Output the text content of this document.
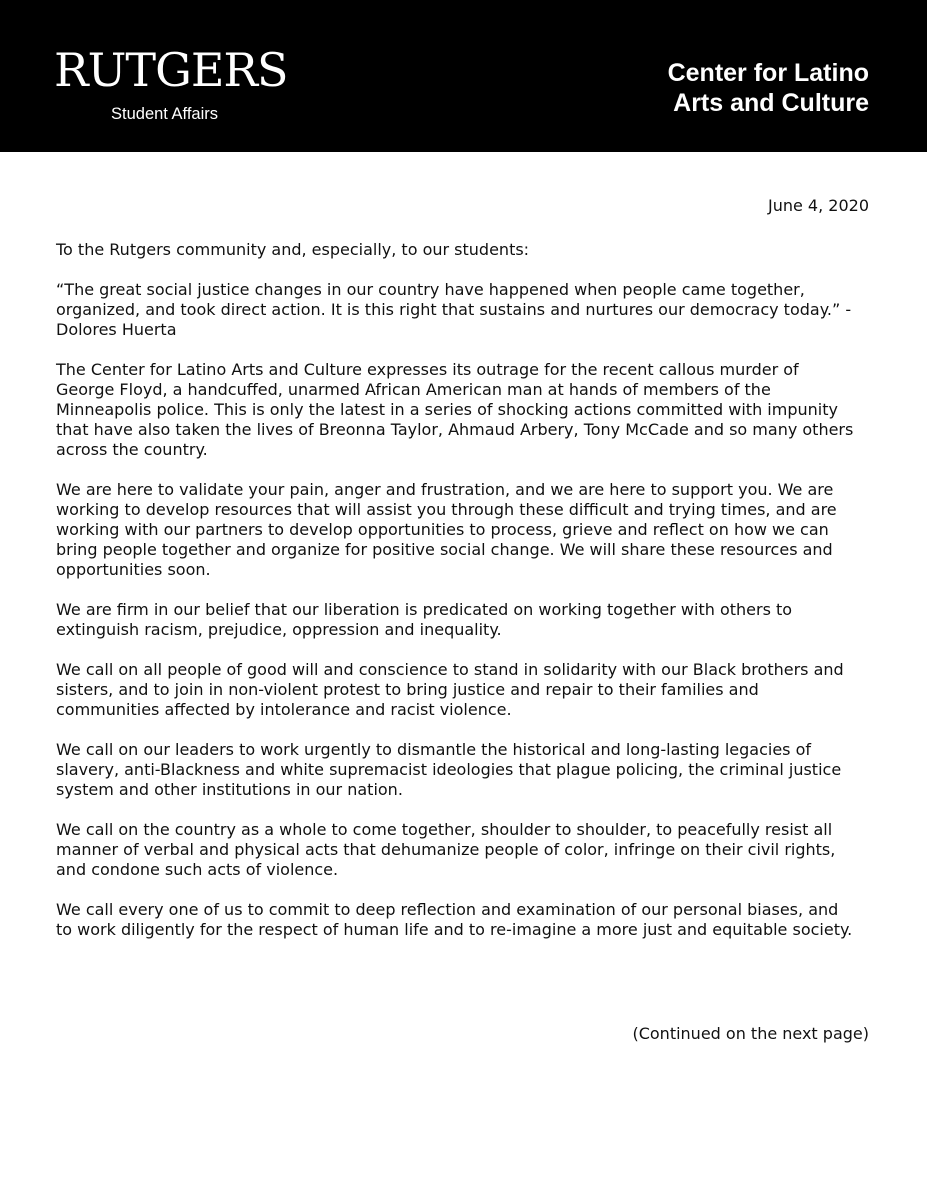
RUTGERS
Student Affairs
Center for Latino
Arts and Culture
June 4, 2020

To the Rutgers community and, especially, to our students:

“The great social justice changes in our country have happened when people came together, organized, and took direct action. It is this right that sustains and nurtures our democracy today.” -Dolores Huerta

The Center for Latino Arts and Culture expresses its outrage for the recent callous murder of George Floyd, a handcuffed, unarmed African American man at hands of members of the Minneapolis police. This is only the latest in a series of shocking actions committed with impunity that have also taken the lives of Breonna Taylor, Ahmaud Arbery, Tony McCade and so many others across the country.

We are here to validate your pain, anger and frustration, and we are here to support you. We are working to develop resources that will assist you through these difficult and trying times, and are working with our partners to develop opportunities to process, grieve and reflect on how we can bring people together and organize for positive social change. We will share these resources and opportunities soon.

We are firm in our belief that our liberation is predicated on working together with others to extinguish racism, prejudice, oppression and inequality.

We call on all people of good will and conscience to stand in solidarity with our Black brothers and sisters, and to join in non-violent protest to bring justice and repair to their families and communities affected by intolerance and racist violence.

We call on our leaders to work urgently to dismantle the historical and long-lasting legacies of slavery, anti-Blackness and white supremacist ideologies that plague policing, the criminal justice system and other institutions in our nation.

We call on the country as a whole to come together, shoulder to shoulder, to peacefully resist all manner of verbal and physical acts that dehumanize people of color, infringe on their civil rights, and condone such acts of violence.

We call every one of us to commit to deep reflection and examination of our personal biases, and to work diligently for the respect of human life and to re-imagine a more just and equitable society.

(Continued on the next page)
